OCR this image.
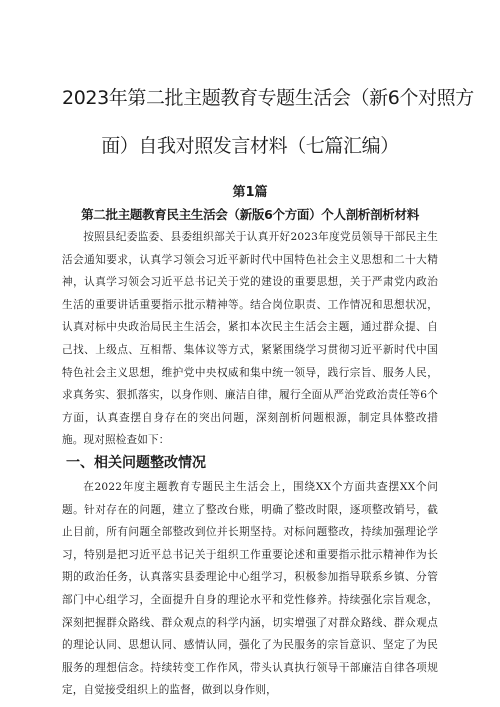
2023年第二批主题教育专题生活会（新6个对照方
面）自我对照发言材料（七篇汇编）
第1篇
第二批主题教育民主生活会（新版6个方面）个人剖析剖析材料

按照县纪委监委、县委组织部关于认真开好2023年度党员领导干部民主生活会通知要求，认真学习领会习近平新时代中国特色社会主义思想和二十大精神，认真学习领会习近平总书记关于党的建设的重要思想，关于严肃党内政治生活的重要讲话重要指示批示精神等。结合岗位职责、工作情况和思想状况，认真对标中央政治局民主生活会，紧扣本次民主生活会主题，通过群众提、自己找、上级点、互相帮、集体议等方式，紧紧围绕学习贯彻习近平新时代中国特色社会主义思想，维护党中央权威和集中统一领导，践行宗旨、服务人民，求真务实、狠抓落实，以身作则、廉洁自律，履行全面从严治党政治责任等6个方面，认真查摆自身存在的突出问题，深刻剖析问题根源，制定具体整改措施。现对照检查如下：

一、相关问题整改情况

在2022年度主题教育专题民主生活会上，围绕XX个方面共查摆XX个问题。针对存在的问题，建立了整改台账，明确了整改时限，逐项整改销号，截止目前，所有问题全部整改到位并长期坚持。对标问题整改，持续加强理论学习，特别是把习近平总书记关于组织工作重要论述和重要指示批示精神作为长期的政治任务，认真落实县委理论中心组学习，积极参加指导联系乡镇、分管部门中心组学习，全面提升自身的理论水平和党性修养。持续强化宗旨观念，深刻把握群众路线、群众观点的科学内涵，切实增强了对群众路线、群众观点的理论认同、思想认同、感情认同，强化了为民服务的宗旨意识、坚定了为民服务的理想信念。持续转变工作作风，带头认真执行领导干部廉洁自律各项规定，自觉接受组织上的监督，做到以身作则，
